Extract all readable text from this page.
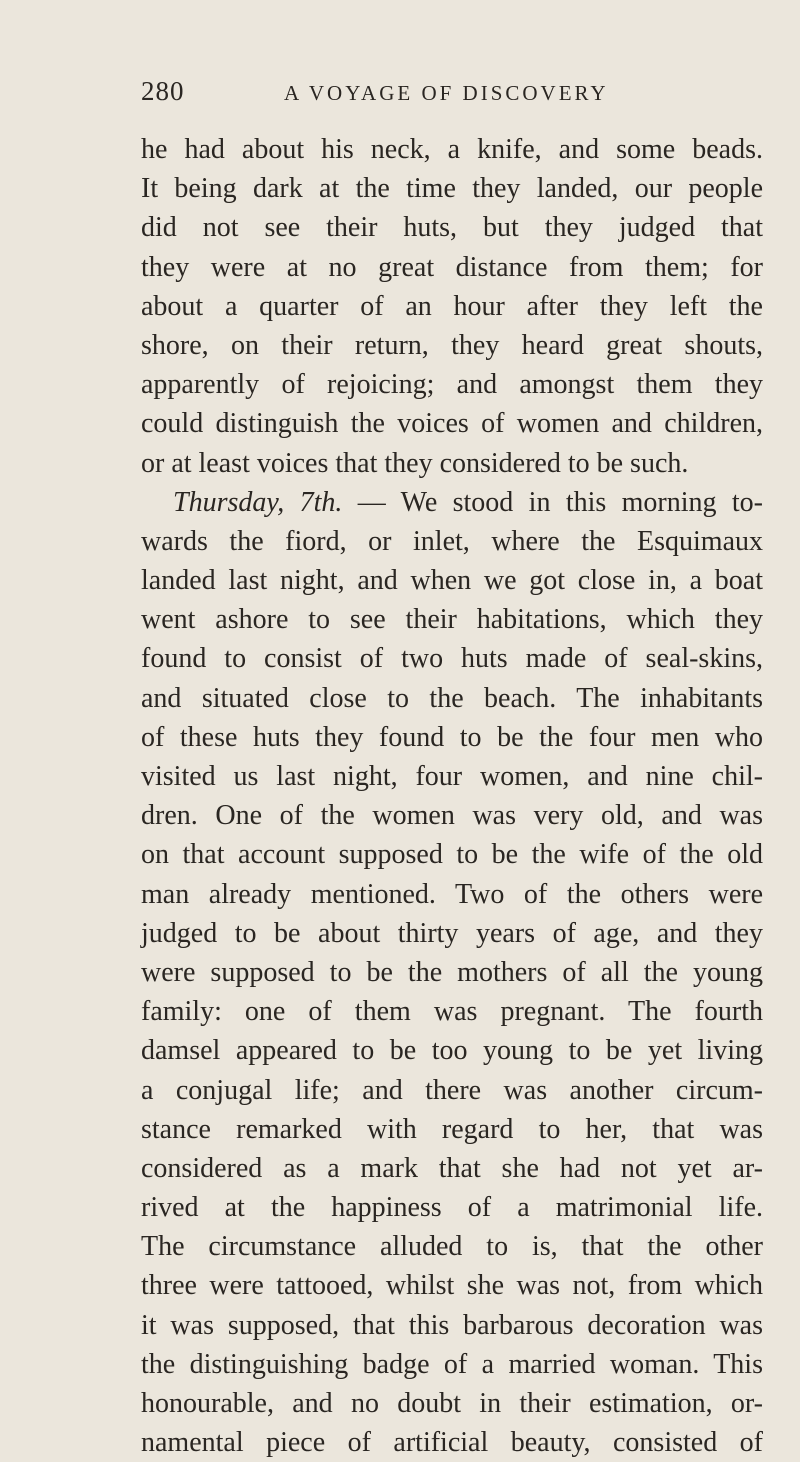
280	A VOYAGE OF DISCOVERY
he had about his neck, a knife, and some beads.
It being dark at the time they landed, our people
did not see their huts, but they judged that
they were at no great distance from them; for
about a quarter of an hour after they left the
shore, on their return, they heard great shouts,
apparently of rejoicing; and amongst them they
could distinguish the voices of women and children,
or at least voices that they considered to be such.
Thursday, 7th. — We stood in this morning to-
wards the fiord, or inlet, where the Esquimaux
landed last night, and when we got close in, a boat
went ashore to see their habitations, which they
found to consist of two huts made of seal-skins,
and situated close to the beach. The inhabitants
of these huts they found to be the four men who
visited us last night, four women, and nine chil-
dren. One of the women was very old, and was
on that account supposed to be the wife of the old
man already mentioned. Two of the others were
judged to be about thirty years of age, and they
were supposed to be the mothers of all the young
family: one of them was pregnant. The fourth
damsel appeared to be too young to be yet living
a conjugal life; and there was another circum-
stance remarked with regard to her, that was
considered as a mark that she had not yet ar-
rived at the happiness of a matrimonial life.
The circumstance alluded to is, that the other
three were tattooed, whilst she was not, from which
it was supposed, that this barbarous decoration was
the distinguishing badge of a married woman. This
honourable, and no doubt in their estimation, or-
namental piece of artificial beauty, consisted of
